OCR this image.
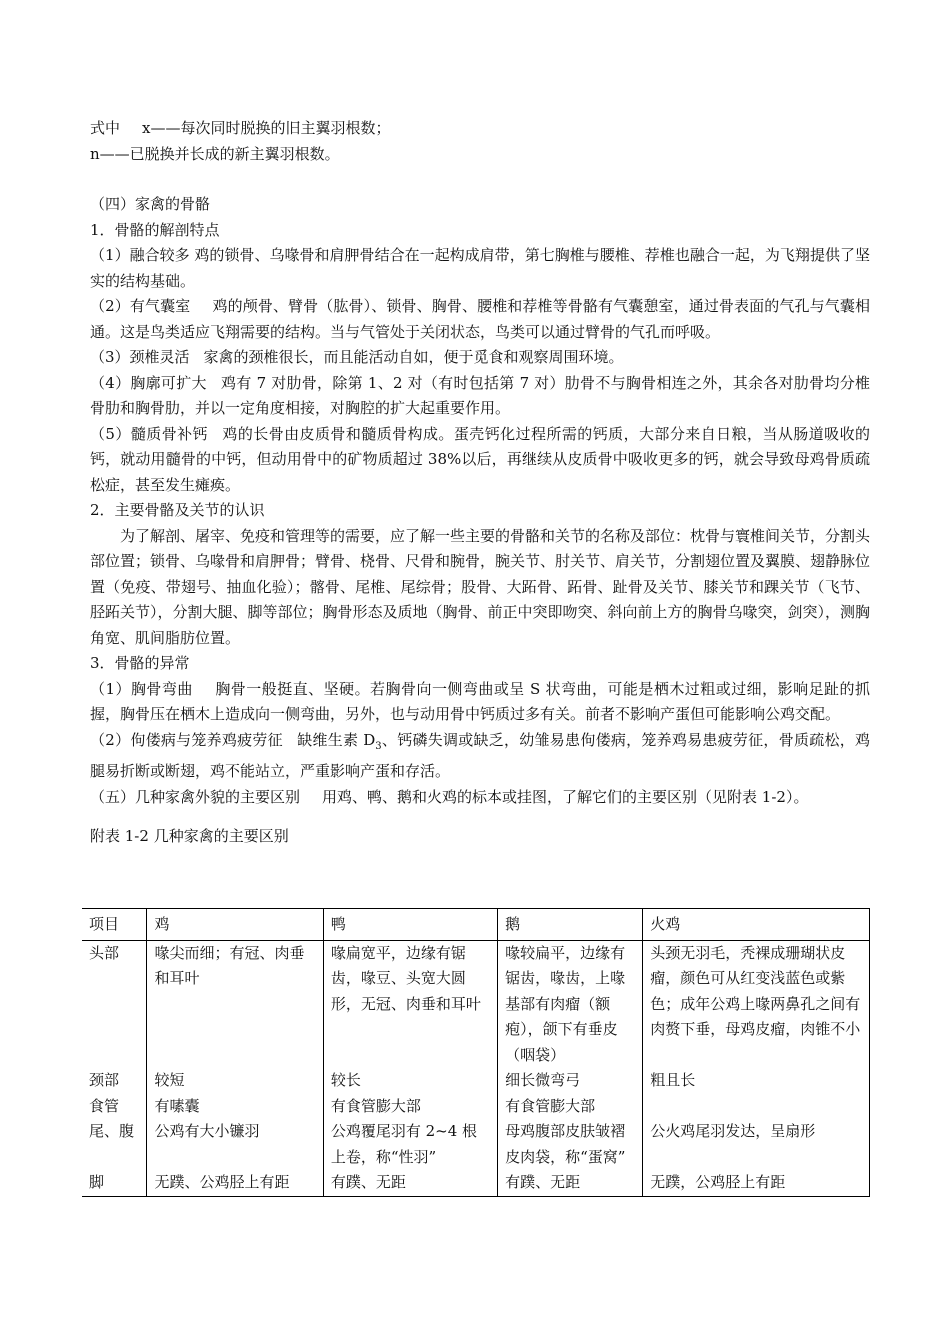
式中 x——每次同时脱换的旧主翼羽根数；

n——已脱换并长成的新主翼羽根数。

（四）家禽的骨骼

1．骨骼的解剖特点

（1）融合较多 鸡的锁骨、乌喙骨和肩胛骨结合在一起构成肩带，第七胸椎与腰椎、荐椎也融合一起，为飞翔提供了坚实的结构基础。

（2）有气囊室 鸡的颅骨、臂骨（肱骨）、锁骨、胸骨、腰椎和荐椎等骨骼有气囊憩室，通过骨表面的气孔与气囊相通。这是鸟类适应飞翔需要的结构。当与气管处于关闭状态，鸟类可以通过臂骨的气孔而呼吸。

（3）颈椎灵活 家禽的颈椎很长，而且能活动自如，便于觅食和观察周围环境。

（4）胸廓可扩大 鸡有 7 对肋骨，除第 1、2 对（有时包括第 7 对）肋骨不与胸骨相连之外，其余各对肋骨均分椎骨肋和胸骨肋，并以一定角度相接，对胸腔的扩大起重要作用。

（5）髓质骨补钙 鸡的长骨由皮质骨和髓质骨构成。蛋壳钙化过程所需的钙质，大部分来自日粮，当从肠道吸收的钙，就动用髓骨的中钙，但动用骨中的矿物质超过 38%以后，再继续从皮质骨中吸收更多的钙，就会导致母鸡骨质疏松症，甚至发生瘫痪。

2．主要骨骼及关节的认识

为了解剖、屠宰、免疫和管理等的需要，应了解一些主要的骨骼和关节的名称及部位：枕骨与寰椎间关节，分割头部位置；锁骨、乌喙骨和肩胛骨；臂骨、桡骨、尺骨和腕骨，腕关节、肘关节、肩关节，分割翅位置及翼膜、翅静脉位置（免疫、带翅号、抽血化验）；髂骨、尾椎、尾综骨；股骨、大跖骨、跖骨、趾骨及关节、膝关节和踝关节（飞节、胫跖关节），分割大腿、脚等部位；胸骨形态及质地（胸骨、前正中突即吻突、斜向前上方的胸骨乌喙突，剑突），测胸角宽、肌间脂肪位置。

3．骨骼的异常

（1）胸骨弯曲 胸骨一般挺直、坚硬。若胸骨向一侧弯曲或呈 S 状弯曲，可能是栖木过粗或过细，影响足趾的抓握，胸骨压在栖木上造成向一侧弯曲，另外，也与动用骨中钙质过多有关。前者不影响产蛋但可能影响公鸡交配。

（2）佝偻病与笼养鸡疲劳征 缺维生素 $D_3$、钙磷失调或缺乏，幼雏易患佝偻病，笼养鸡易患疲劳征，骨质疏松，鸡腿易折断或断翅，鸡不能站立，严重影响产蛋和存活。

（五）几种家禽外貌的主要区别 用鸡、鸭、鹅和火鸡的标本或挂图，了解它们的主要区别（见附表 1-2）。

附表 1-2 几种家禽的主要区别

项目	鸡	鸭	鹅	火鸡
头部	喙尖而细；有冠、肉垂和耳叶	喙扁宽平，边缘有锯齿，喙豆、头宽大圆形，无冠、肉垂和耳叶	喙较扁平，边缘有锯齿，喙齿，上喙基部有肉瘤（额疱），颌下有垂皮（咽袋）	头颈无羽毛，秃裸成珊瑚状皮瘤，颜色可从红变浅蓝色或紫色；成年公鸡上喙两鼻孔之间有肉赘下垂，母鸡皮瘤，肉锥不小
颈部	较短	较长	细长微弯弓	粗且长
食管	有嗉囊	有食管膨大部	有食管膨大部	
尾、腹	公鸡有大小镰羽	公鸡覆尾羽有 2~4 根上卷，称“性羽”	母鸡腹部皮肤皱褶皮肉袋，称“蛋窝”	公火鸡尾羽发达，呈扇形
脚	无蹼、公鸡胫上有距	有蹼、无距	有蹼、无距	无蹼，公鸡胫上有距
